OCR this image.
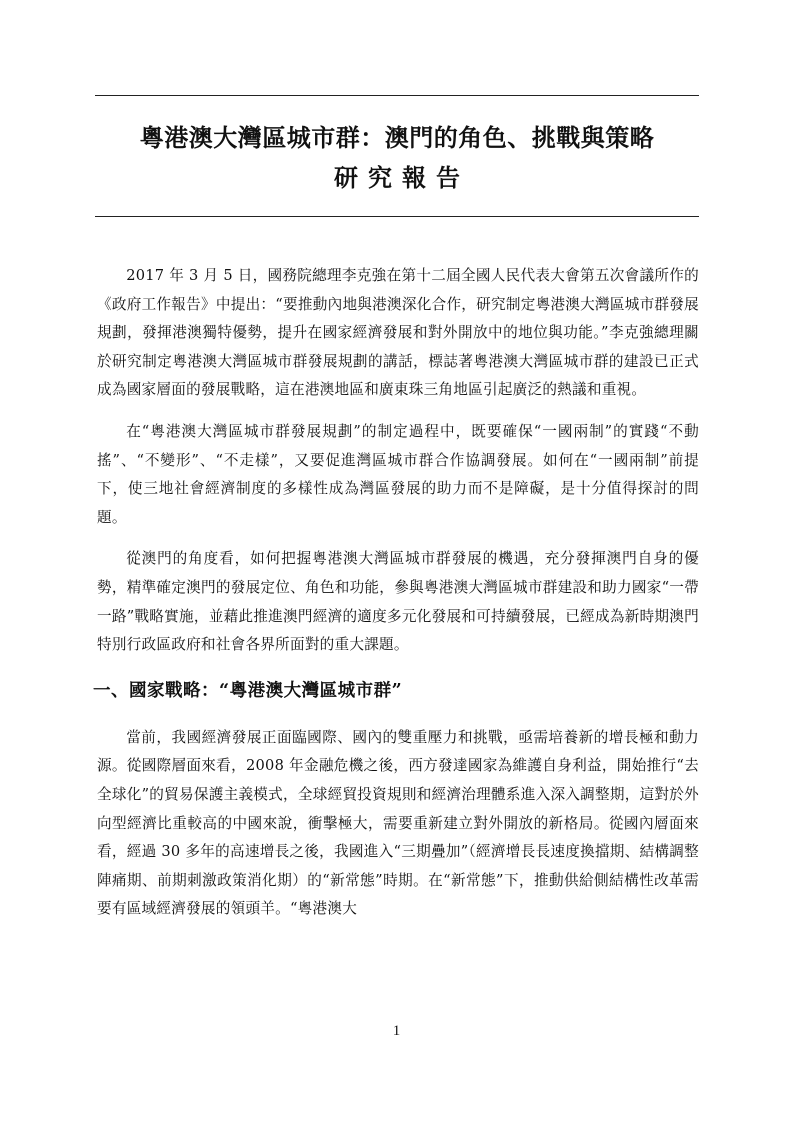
粵港澳大灣區城市群：澳門的角色、挑戰與策略
研究報告

2017 年 3 月 5 日，國務院總理李克強在第十二屆全國人民代表大會第五次會議所作的《政府工作報告》中提出：“要推動內地與港澳深化合作，研究制定粵港澳大灣區城市群發展規劃，發揮港澳獨特優勢，提升在國家經濟發展和對外開放中的地位與功能。”李克強總理關於研究制定粵港澳大灣區城市群發展規劃的講話，標誌著粵港澳大灣區城市群的建設已正式成為國家層面的發展戰略，這在港澳地區和廣東珠三角地區引起廣泛的熱議和重視。

在“粵港澳大灣區城市群發展規劃”的制定過程中，既要確保“一國兩制”的實踐“不動搖”、“不變形”、“不走樣”，又要促進灣區城市群合作協調發展。如何在“一國兩制”前提下，使三地社會經濟制度的多樣性成為灣區發展的助力而不是障礙，是十分值得探討的問題。

從澳門的角度看，如何把握粵港澳大灣區城市群發展的機遇，充分發揮澳門自身的優勢，精準確定澳門的發展定位、角色和功能，參與粵港澳大灣區城市群建設和助力國家“一帶一路”戰略實施，並藉此推進澳門經濟的適度多元化發展和可持續發展，已經成為新時期澳門特別行政區政府和社會各界所面對的重大課題。

一、國家戰略：“粵港澳大灣區城市群”

當前，我國經濟發展正面臨國際、國內的雙重壓力和挑戰，亟需培養新的增長極和動力源。從國際層面來看，2008 年金融危機之後，西方發達國家為維護自身利益，開始推行“去全球化”的貿易保護主義模式，全球經貿投資規則和經濟治理體系進入深入調整期，這對於外向型經濟比重較高的中國來說，衝擊極大，需要重新建立對外開放的新格局。從國內層面來看，經過 30 多年的高速增長之後，我國進入“三期疊加”（經濟增長長速度換擋期、結構調整陣痛期、前期刺激政策消化期）的“新常態”時期。在“新常態”下，推動供給側結構性改革需要有區域經濟發展的領頭羊。“粵港澳大

1
